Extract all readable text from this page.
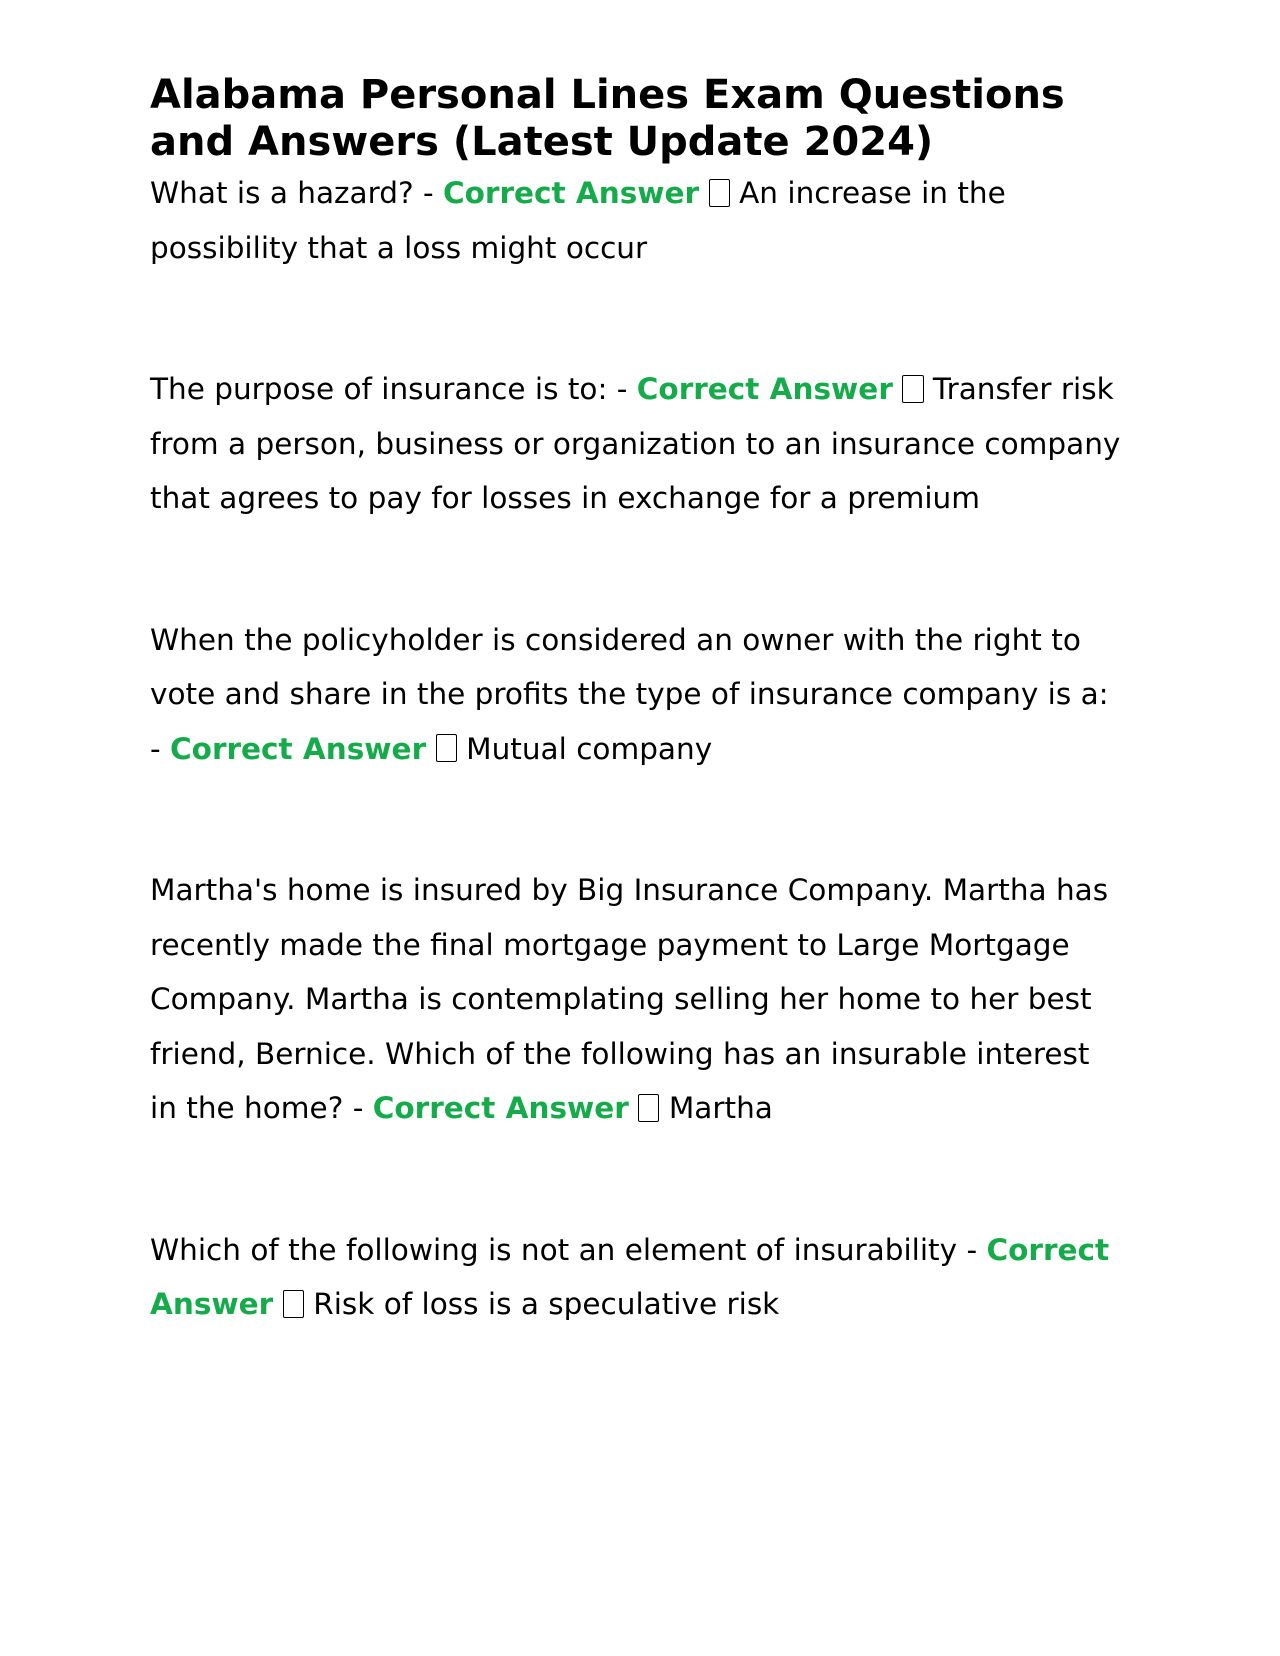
Alabama Personal Lines Exam Questions and Answers (Latest Update 2024)

What is a hazard? - Correct Answer An increase in the possibility that a loss might occur

The purpose of insurance is to: - Correct Answer Transfer risk from a person, business or organization to an insurance company that agrees to pay for losses in exchange for a premium

When the policyholder is considered an owner with the right to vote and share in the profits the type of insurance company is a: - Correct Answer Mutual company

Martha's home is insured by Big Insurance Company. Martha has recently made the final mortgage payment to Large Mortgage Company. Martha is contemplating selling her home to her best friend, Bernice. Which of the following has an insurable interest in the home? - Correct Answer Martha

Which of the following is not an element of insurability - Correct Answer Risk of loss is a speculative risk
